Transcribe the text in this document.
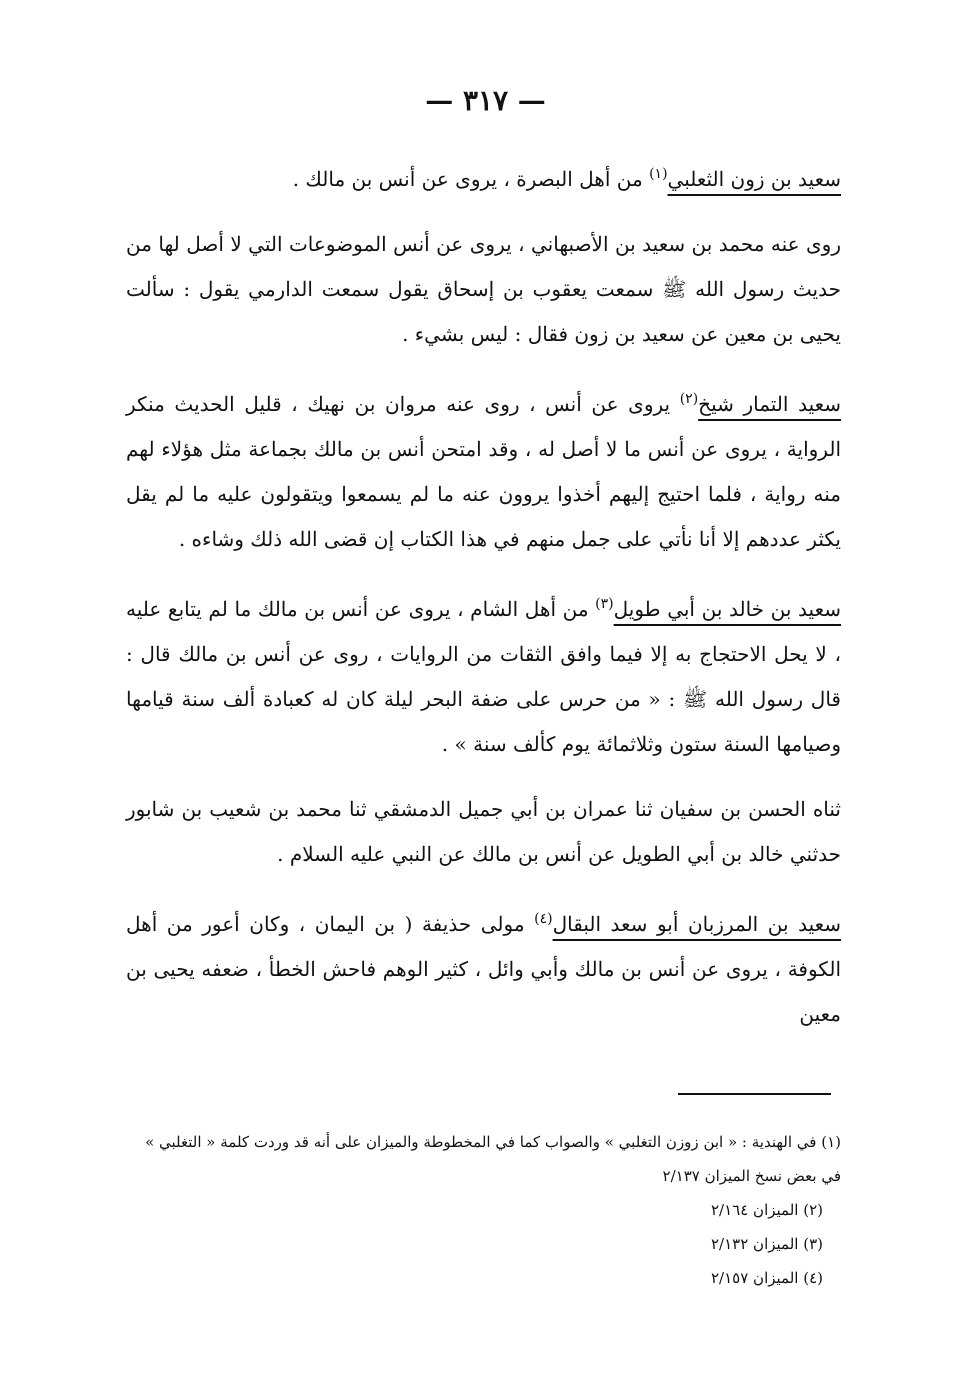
— ٣١٧ —

سعيد بن زون الثعلبي$^{(١)}$ من أهل البصرة ، يروى عن أنس بن مالك .

روى عنه محمد بن سعيد بن الأصبهاني ، يروى عن أنس الموضوعات التي لا أصل لها من حديث رسول الله ﷺ سمعت يعقوب بن إسحاق يقول سمعت الدارمي يقول : سألت يحيى بن معين عن سعيد بن زون فقال : ليس بشيء .

سعيد التمار شيخ$^{(٢)}$ يروى عن أنس ، روى عنه مروان بن نهيك ، قليل الحديث منكر الرواية ، يروى عن أنس ما لا أصل له ، وقد امتحن أنس بن مالك بجماعة مثل هؤلاء لهم منه رواية ، فلما احتيج إليهم أخذوا يروون عنه ما لم يسمعوا ويتقولون عليه ما لم يقل يكثر عددهم إلا أنا نأتي على جمل منهم في هذا الكتاب إن قضى الله ذلك وشاءه .

سعيد بن خالد بن أبي طويل$^{(٣)}$ من أهل الشام ، يروى عن أنس بن مالك ما لم يتابع عليه ، لا يحل الاحتجاج به إلا فيما وافق الثقات من الروايات ، روى عن أنس بن مالك قال : قال رسول الله ﷺ : « من حرس على ضفة البحر ليلة كان له كعبادة ألف سنة قيامها وصيامها السنة ستون وثلاثمائة يوم كألف سنة » .

ثناه الحسن بن سفيان ثنا عمران بن أبي جميل الدمشقي ثنا محمد بن شعيب بن شابور حدثني خالد بن أبي الطويل عن أنس بن مالك عن النبي عليه السلام .

سعيد بن المرزبان أبو سعد البقال$^{(٤)}$ مولى حذيفة ( بن اليمان ، وكان أعور من أهل الكوفة ، يروى عن أنس بن مالك وأبي وائل ، كثير الوهم فاحش الخطأ ، ضعفه يحيى بن معين

(١) في الهندية : « ابن زوزن التغلبي » والصواب كما في المخطوطة والميزان على أنه قد وردت كلمة « التغلبي » في بعض نسخ الميزان ٢/١٣٧

(٢) الميزان ٢/١٦٤

(٣) الميزان ٢/١٣٢

(٤) الميزان ٢/١٥٧
